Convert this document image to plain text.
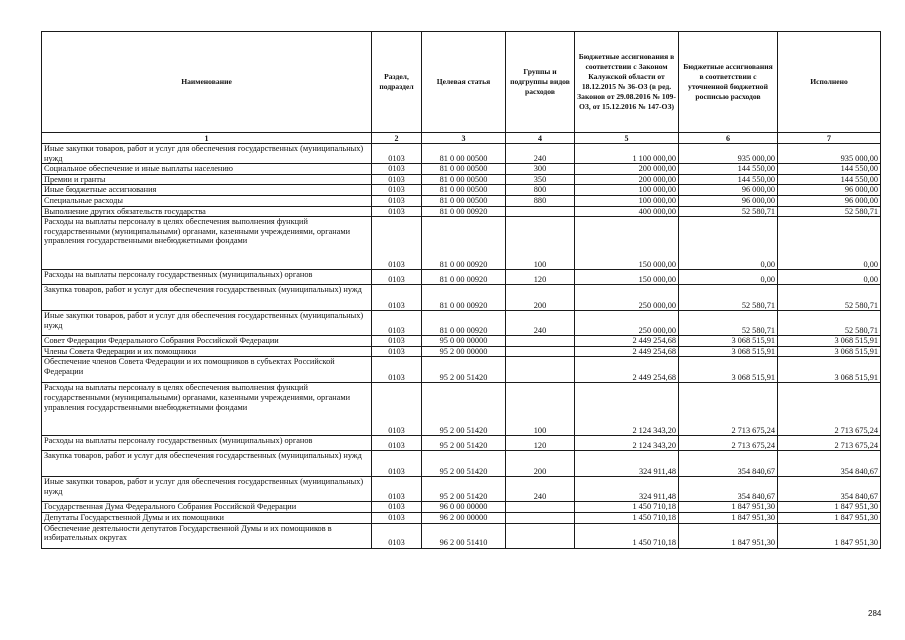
Наименование	Раздел, подраздел	Целевая статья	Группы и подгруппы видов расходов	Бюджетные ассигнования в соответствии с Законом Калужской области от 18.12.2015 № 36-ОЗ (в ред. Законов от 29.08.2016 № 109-ОЗ, от 15.12.2016 № 147-ОЗ)	Бюджетные ассигнования в соответствии с уточненной бюджетной росписью расходов	Исполнено
1	2	3	4	5	6	7
Иные закупки товаров, работ и услуг для обеспечения государственных (муниципальных) нужд	0103	81 0 00 00500	240	1 100 000,00	935 000,00	935 000,00
Социальное обеспечение и иные выплаты населению	0103	81 0 00 00500	300	200 000,00	144 550,00	144 550,00
Премии и гранты	0103	81 0 00 00500	350	200 000,00	144 550,00	144 550,00
Иные бюджетные ассигнования	0103	81 0 00 00500	800	100 000,00	96 000,00	96 000,00
Специальные расходы	0103	81 0 00 00500	880	100 000,00	96 000,00	96 000,00
Выполнение других обязательств государства	0103	81 0 00 00920		400 000,00	52 580,71	52 580,71
Расходы на выплаты персоналу в целях обеспечения выполнения функций государственными (муниципальными) органами, казенными учреждениями, органами управления государственными внебюджетными фондами	0103	81 0 00 00920	100	150 000,00	0,00	0,00
Расходы на выплаты персоналу государственных (муниципальных) органов	0103	81 0 00 00920	120	150 000,00	0,00	0,00
Закупка товаров, работ и услуг для обеспечения государственных (муниципальных) нужд	0103	81 0 00 00920	200	250 000,00	52 580,71	52 580,71
Иные закупки товаров, работ и услуг для обеспечения государственных (муниципальных) нужд	0103	81 0 00 00920	240	250 000,00	52 580,71	52 580,71
Совет Федерации Федерального Собрания Российской Федерации	0103	95 0 00 00000		2 449 254,68	3 068 515,91	3 068 515,91
Члены Совета Федерации и их помощники	0103	95 2 00 00000		2 449 254,68	3 068 515,91	3 068 515,91
Обеспечение членов Совета Федерации и их помощников в субъектах Российской Федерации	0103	95 2 00 51420		2 449 254,68	3 068 515,91	3 068 515,91
Расходы на выплаты персоналу в целях обеспечения выполнения функций государственными (муниципальными) органами, казенными учреждениями, органами управления государственными внебюджетными фондами	0103	95 2 00 51420	100	2 124 343,20	2 713 675,24	2 713 675,24
Расходы на выплаты персоналу государственных (муниципальных) органов	0103	95 2 00 51420	120	2 124 343,20	2 713 675,24	2 713 675,24
Закупка товаров, работ и услуг для обеспечения государственных (муниципальных) нужд	0103	95 2 00 51420	200	324 911,48	354 840,67	354 840,67
Иные закупки товаров, работ и услуг для обеспечения государственных (муниципальных) нужд	0103	95 2 00 51420	240	324 911,48	354 840,67	354 840,67
Государственная Дума Федерального Собрания Российской Федерации	0103	96 0 00 00000		1 450 710,18	1 847 951,30	1 847 951,30
Депутаты Государственной Думы и их помощники	0103	96 2 00 00000		1 450 710,18	1 847 951,30	1 847 951,30
Обеспечение деятельности депутатов Государственной Думы и их помощников в избирательных округах	0103	96 2 00 51410		1 450 710,18	1 847 951,30	1 847 951,30
284
